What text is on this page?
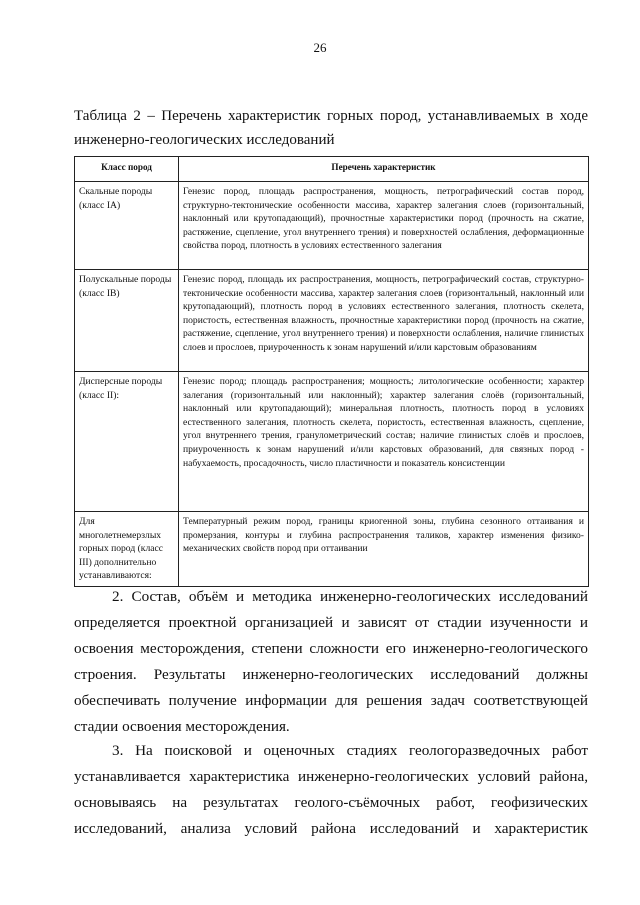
26
Таблица 2 – Перечень характеристик горных пород, устанавливаемых в ходе инженерно-геологических исследований
Класс пород	Перечень характеристик
Скальные породы (класс IA)	Генезис пород, площадь распространения, мощность, петрографический состав пород, структурно-тектонические особенности массива, характер залегания слоев (горизонтальный, наклонный или крутопадающий), прочностные характеристики пород (прочность на сжатие, растяжение, сцепление, угол внутреннего трения) и поверхностей ослабления, деформационные свойства пород, плотность в условиях естественного залегания
Полускальные породы (класс IB)	Генезис пород, площадь их распространения, мощность, петрографический состав, структурно-тектонические особенности массива, характер залегания слоев (горизонтальный, наклонный или крутопадающий), плотность пород в условиях естественного залегания, плотность скелета, пористость, естественная влажность, прочностные характеристики пород (прочность на сжатие, растяжение, сцепление, угол внутреннего трения) и поверхности ослабления, наличие глинистых слоев и прослоев, приуроченность к зонам нарушений и/или карстовым образованиям
Дисперсные породы (класс II):	Генезис пород; площадь распространения; мощность; литологические особенности; характер залегания (горизонтальный или наклонный); характер залегания слоёв (горизонтальный, наклонный или крутопадающий); минеральная плотность, плотность пород в условиях естественного залегания, плотность скелета, пористость, естественная влажность, сцепление, угол внутреннего трения, гранулометрический состав; наличие глинистых слоёв и прослоев, приуроченность к зонам нарушений и/или карстовых образований, для связных пород - набухаемость, просадочность, число пластичности и показатель консистенции
Для многолетнемерзлых горных пород (класс III) дополнительно устанавливаются:	Температурный режим пород, границы криогенной зоны, глубина сезонного оттаивания и промерзания, контуры и глубина распространения таликов, характер изменения физико-механических свойств пород при оттаивании

2. Состав, объём и методика инженерно-геологических исследований определяется проектной организацией и зависят от стадии изученности и освоения месторождения, степени сложности его инженерно-геологического строения. Результаты инженерно-геологических исследований должны обеспечивать получение информации для решения задач соответствующей стадии освоения месторождения.

3. На поисковой и оценочных стадиях геологоразведочных работ устанавливается характеристика инженерно-геологических условий района, основываясь на результатах геолого-съёмочных работ, геофизических исследований, анализа условий района исследований и характеристик
